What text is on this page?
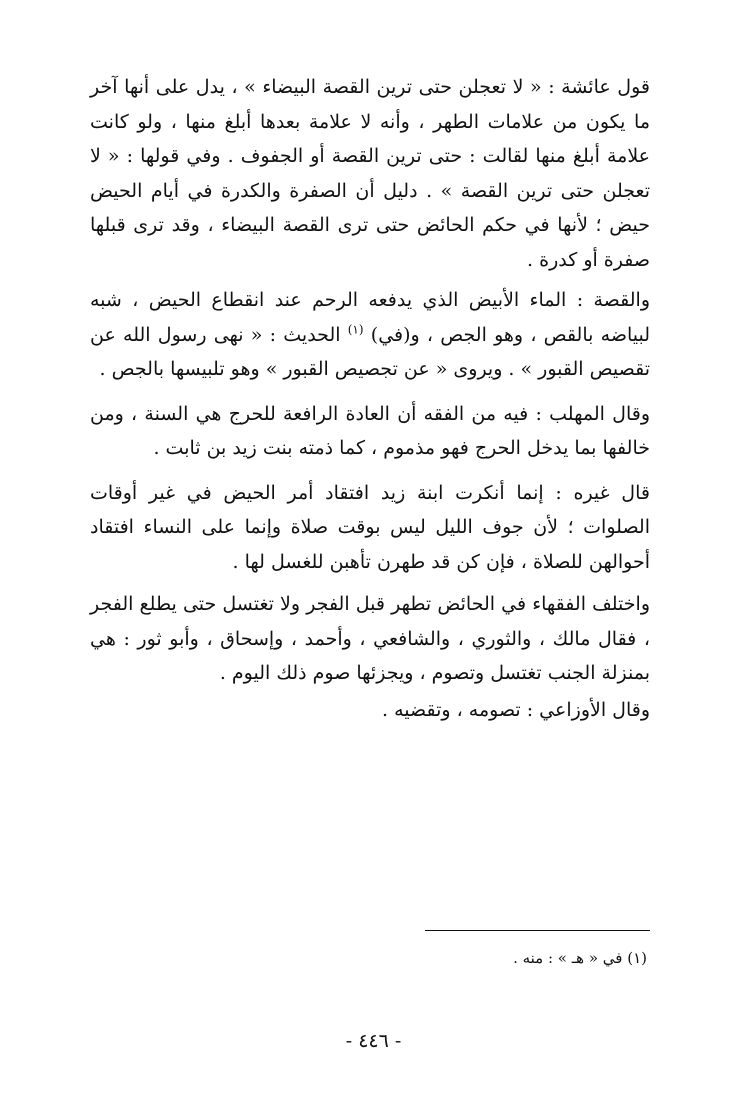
قول عائشة : « لا تعجلن حتى ترين القصة البيضاء » ، يدل على أنها آخر ما يكون من علامات الطهر ، وأنه لا علامة بعدها أبلغ منها ، ولو كانت علامة أبلغ منها لقالت : حتى ترين القصة أو الجفوف . وفي قولها : « لا تعجلن حتى ترين القصة » . دليل أن الصفرة والكدرة في أيام الحيض حيض ؛ لأنها في حكم الحائض حتى ترى القصة البيضاء ، وقد ترى قبلها صفرة أو كدرة .

والقصة : الماء الأبيض الذي يدفعه الرحم عند انقطاع الحيض ، شبه لبياضه بالقص ، وهو الجص ، و(في) $^{(١)}$ الحديث : « نهى رسول الله عن تقصيص القبور » . ويروى « عن تجصيص القبور » وهو تلبيسها بالجص .

وقال المهلب : فيه من الفقه أن العادة الرافعة للحرج هي السنة ، ومن خالفها بما يدخل الحرج فهو مذموم ، كما ذمته بنت زيد بن ثابت .

قال غيره : إنما أنكرت ابنة زيد افتقاد أمر الحيض في غير أوقات الصلوات ؛ لأن جوف الليل ليس بوقت صلاة وإنما على النساء افتقاد أحوالهن للصلاة ، فإن كن قد طهرن تأهبن للغسل لها .

واختلف الفقهاء في الحائض تطهر قبل الفجر ولا تغتسل حتى يطلع الفجر ، فقال مالك ، والثوري ، والشافعي ، وأحمد ، وإسحاق ، وأبو ثور : هي بمنزلة الجنب تغتسل وتصوم ، ويجزئها صوم ذلك اليوم .

وقال الأوزاعي : تصومه ، وتقضيه .

(١) في « هـ » : منه .
- ٤٤٦ -
